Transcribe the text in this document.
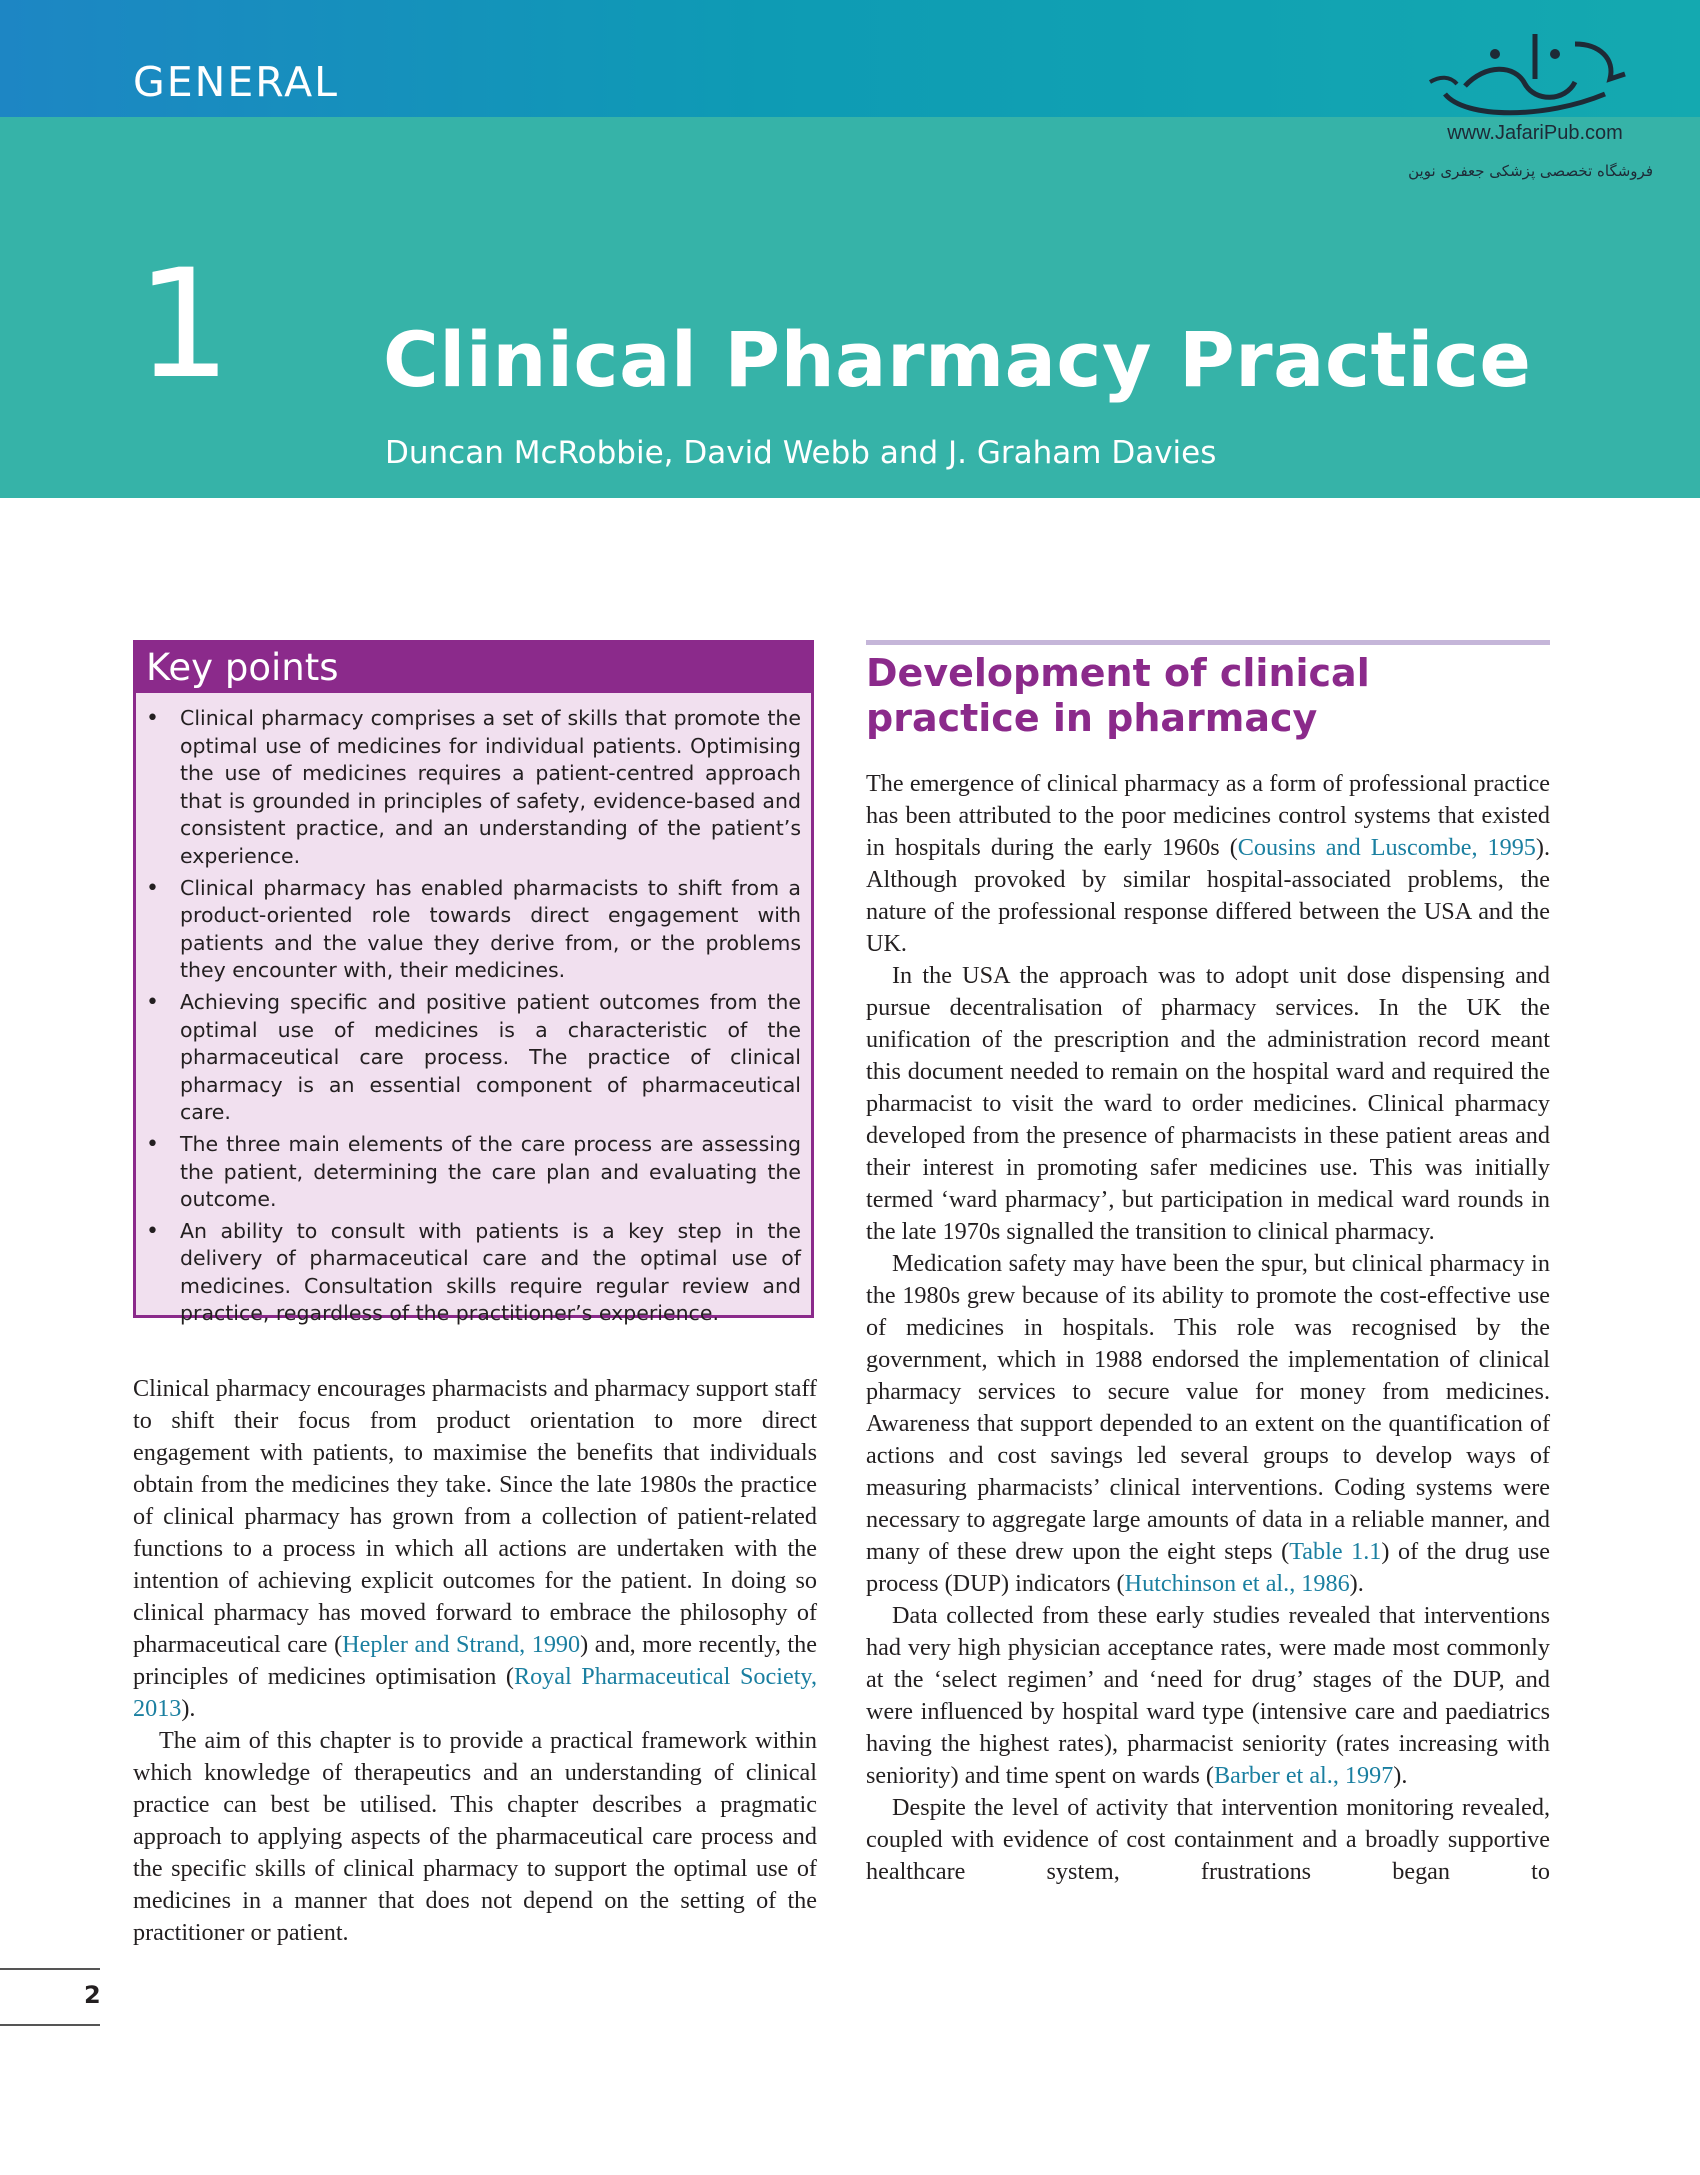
GENERAL
1 Clinical Pharmacy Practice
Duncan McRobbie, David Webb and J. Graham Davies
www.JafariPub.com
فروشگاه تخصصی پزشکی جعفری نوین
Key points
• Clinical pharmacy comprises a set of skills that promote the optimal use of medicines for individual patients. Optimising the use of medicines requires a patient-centred approach that is grounded in principles of safety, evidence-based and consistent practice, and an understanding of the patient’s experience.
• Clinical pharmacy has enabled pharmacists to shift from a product-oriented role towards direct engagement with patients and the value they derive from, or the problems they encounter with, their medicines.
• Achieving specific and positive patient outcomes from the optimal use of medicines is a characteristic of the pharmaceutical care process. The practice of clinical pharmacy is an essential component of pharmaceutical care.
• The three main elements of the care process are assessing the patient, determining the care plan and evaluating the outcome.
• An ability to consult with patients is a key step in the delivery of pharmaceutical care and the optimal use of medicines. Consultation skills require regular review and practice, regardless of the practitioner’s experience.

Clinical pharmacy encourages pharmacists and pharmacy support staff to shift their focus from product orientation to more direct engagement with patients, to maximise the benefits that individuals obtain from the medicines they take. Since the late 1980s the practice of clinical pharmacy has grown from a collection of patient-related functions to a process in which all actions are undertaken with the intention of achieving explicit outcomes for the patient. In doing so clinical pharmacy has moved forward to embrace the philosophy of pharmaceutical care (Hepler and Strand, 1990) and, more recently, the principles of medicines optimisation (Royal Pharmaceutical Society, 2013).

The aim of this chapter is to provide a practical framework within which knowledge of therapeutics and an understanding of clinical practice can best be utilised. This chapter describes a pragmatic approach to applying aspects of the pharmaceutical care process and the specific skills of clinical pharmacy to support the optimal use of medicines in a manner that does not depend on the setting of the practitioner or patient.

Development of clinical practice in pharmacy

The emergence of clinical pharmacy as a form of professional practice has been attributed to the poor medicines control systems that existed in hospitals during the early 1960s (Cousins and Luscombe, 1995). Although provoked by similar hospital-associated problems, the nature of the professional response differed between the USA and the UK.

In the USA the approach was to adopt unit dose dispensing and pursue decentralisation of pharmacy services. In the UK the unification of the prescription and the administration record meant this document needed to remain on the hospital ward and required the pharmacist to visit the ward to order medicines. Clinical pharmacy developed from the presence of pharmacists in these patient areas and their interest in promoting safer medicines use. This was initially termed ‘ward pharmacy’, but participation in medical ward rounds in the late 1970s signalled the transition to clinical pharmacy.

Medication safety may have been the spur, but clinical pharmacy in the 1980s grew because of its ability to promote the cost-effective use of medicines in hospitals. This role was recognised by the government, which in 1988 endorsed the implementation of clinical pharmacy services to secure value for money from medicines. Awareness that support depended to an extent on the quantification of actions and cost savings led several groups to develop ways of measuring pharmacists’ clinical interventions. Coding systems were necessary to aggregate large amounts of data in a reliable manner, and many of these drew upon the eight steps (Table 1.1) of the drug use process (DUP) indicators (Hutchinson et al., 1986).

Data collected from these early studies revealed that interventions had very high physician acceptance rates, were made most commonly at the ‘select regimen’ and ‘need for drug’ stages of the DUP, and were influenced by hospital ward type (intensive care and paediatrics having the highest rates), pharmacist seniority (rates increasing with seniority) and time spent on wards (Barber et al., 1997).

Despite the level of activity that intervention monitoring revealed, coupled with evidence of cost containment and a broadly supportive healthcare system, frustrations began to

2
